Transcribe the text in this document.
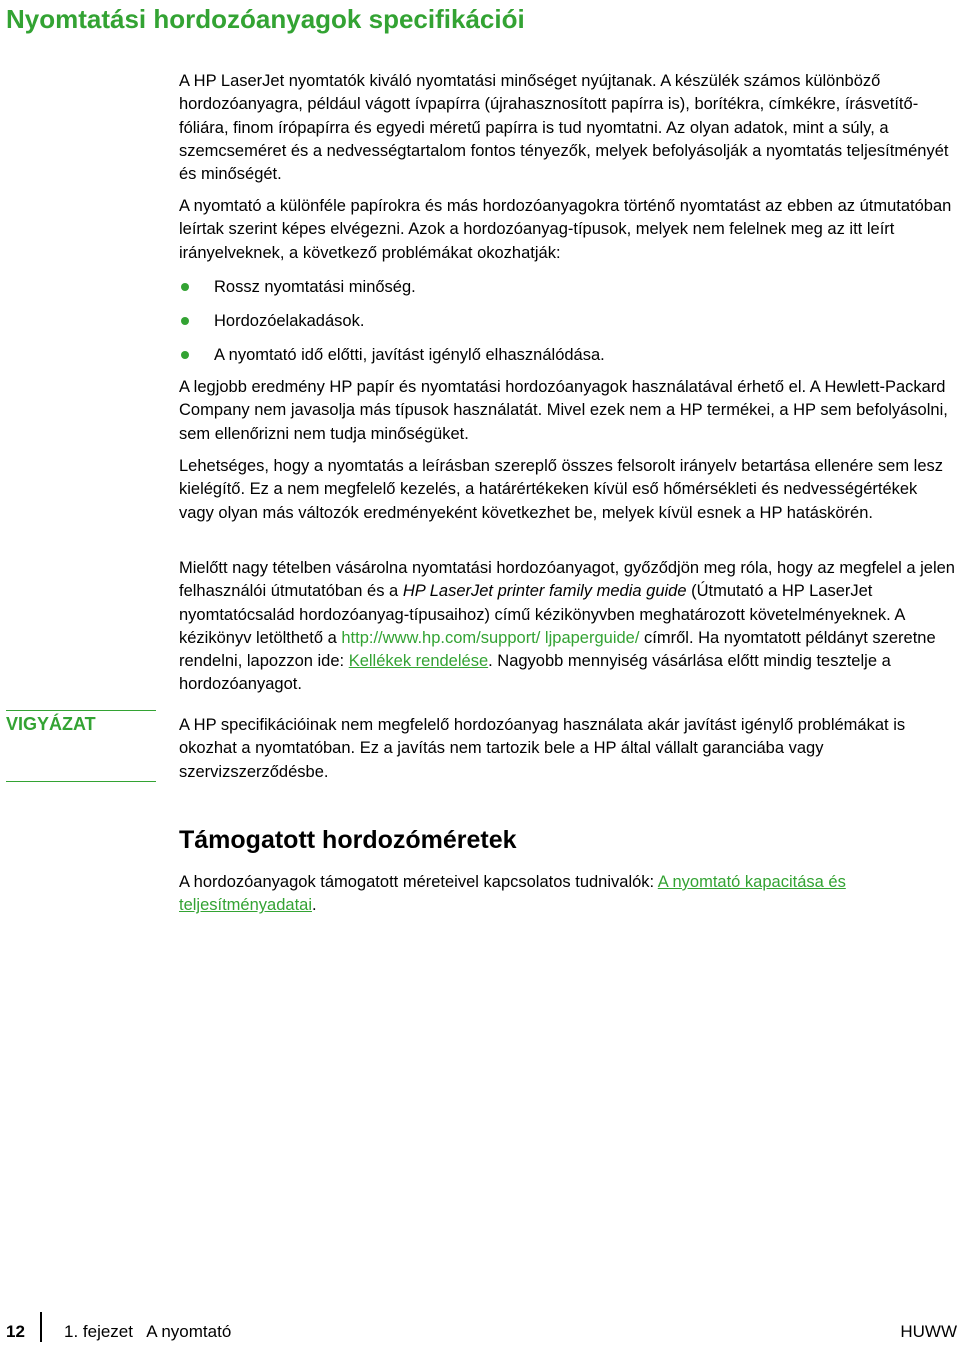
Nyomtatási hordozóanyagok specifikációi

A HP LaserJet nyomtatók kiváló nyomtatási minőséget nyújtanak. A készülék számos különböző hordozóanyagra, például vágott ívpapírra (újrahasznosított papírra is), borítékra, címkékre, írásvetítő-fóliára, finom írópapírra és egyedi méretű papírra is tud nyomtatni. Az olyan adatok, mint a súly, a szemcseméret és a nedvességtartalom fontos tényezők, melyek befolyásolják a nyomtatás teljesítményét és minőségét.

A nyomtató a különféle papírokra és más hordozóanyagokra történő nyomtatást az ebben az útmutatóban leírtak szerint képes elvégezni. Azok a hordozóanyag-típusok, melyek nem felelnek meg az itt leírt irányelveknek, a következő problémákat okozhatják:

Rossz nyomtatási minőség.
Hordozóelakadások.
A nyomtató idő előtti, javítást igénylő elhasználódása.

A legjobb eredmény HP papír és nyomtatási hordozóanyagok használatával érhető el. A Hewlett-Packard Company nem javasolja más típusok használatát. Mivel ezek nem a HP termékei, a HP sem befolyásolni, sem ellenőrizni nem tudja minőségüket.

Lehetséges, hogy a nyomtatás a leírásban szereplő összes felsorolt irányelv betartása ellenére sem lesz kielégítő. Ez a nem megfelelő kezelés, a határértékeken kívül eső hőmérsékleti és nedvességértékek vagy olyan más változók eredményeként következhet be, melyek kívül esnek a HP hatáskörén.

Mielőtt nagy tételben vásárolna nyomtatási hordozóanyagot, győződjön meg róla, hogy az megfelel a jelen felhasználói útmutatóban és a HP LaserJet printer family media guide (Útmutató a HP LaserJet nyomtatócsalád hordozóanyag-típusaihoz) című kézikönyvben meghatározott követelményeknek. A kézikönyv letölthető a http://www.hp.com/support/ ljpaperguide/ címről. Ha nyomtatott példányt szeretne rendelni, lapozzon ide: Kellékek rendelése. Nagyobb mennyiség vásárlása előtt mindig tesztelje a hordozóanyagot.

VIGYÁZAT	A HP specifikációinak nem megfelelő hordozóanyag használata akár javítást igénylő problémákat is okozhat a nyomtatóban. Ez a javítás nem tartozik bele a HP által vállalt garanciába vagy szervizszerződésbe.

Támogatott hordozóméretek

A hordozóanyagok támogatott méreteivel kapcsolatos tudnivalók: A nyomtató kapacitása és teljesítményadatai.

12 1. fejezet   A nyomtató	HUWW
